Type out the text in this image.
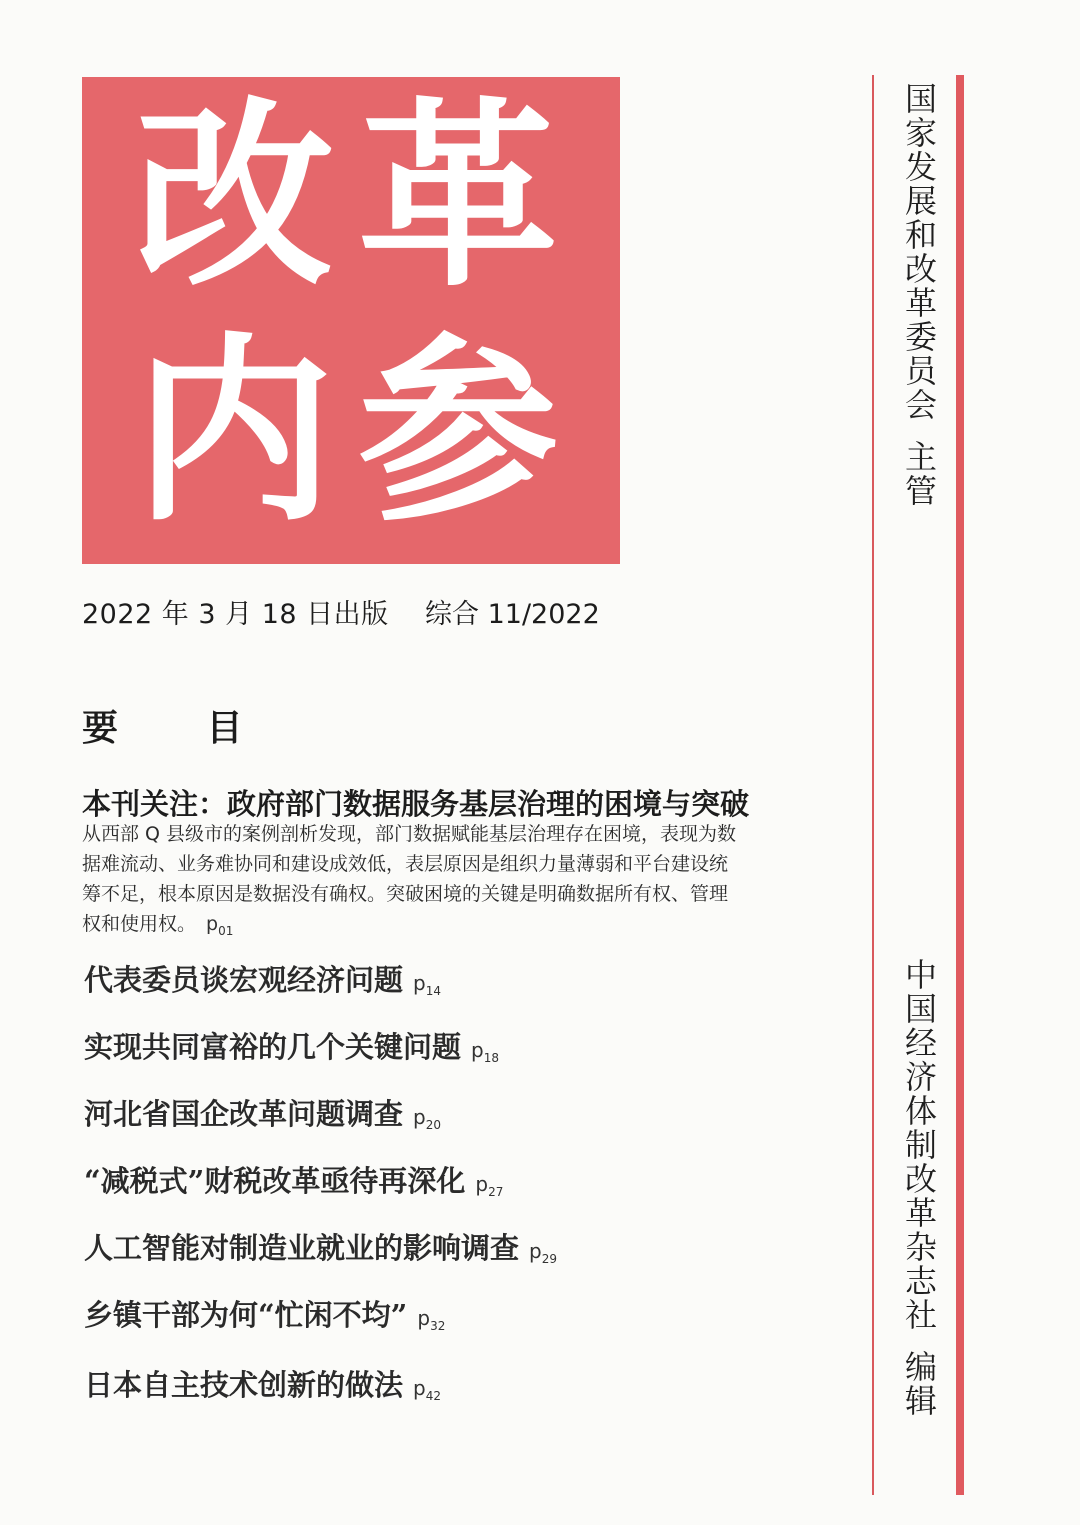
改 革
内 参
2022 年 3 月 18 日出版 综合 11/2022
要 目
本刊关注：政府部门数据服务基层治理的困境与突破
从西部 Q 县级市的案例剖析发现，部门数据赋能基层治理存在困境，表现为数据难流动、业务难协同和建设成效低，表层原因是组织力量薄弱和平台建设统筹不足，根本原因是数据没有确权。突破困境的关键是明确数据所有权、管理权和使用权。 $p_{01}$
代表委员谈宏观经济问题 $p_{14}$
实现共同富裕的几个关键问题 $p_{18}$
河北省国企改革问题调查 $p_{20}$
“减税式”财税改革亟待再深化 $p_{27}$
人工智能对制造业就业的影响调查 $p_{29}$
乡镇干部为何“忙闲不均” $p_{32}$
日本自主技术创新的做法 $p_{42}$
国家发展和改革委员会主管
中国经济体制改革杂志社编辑
